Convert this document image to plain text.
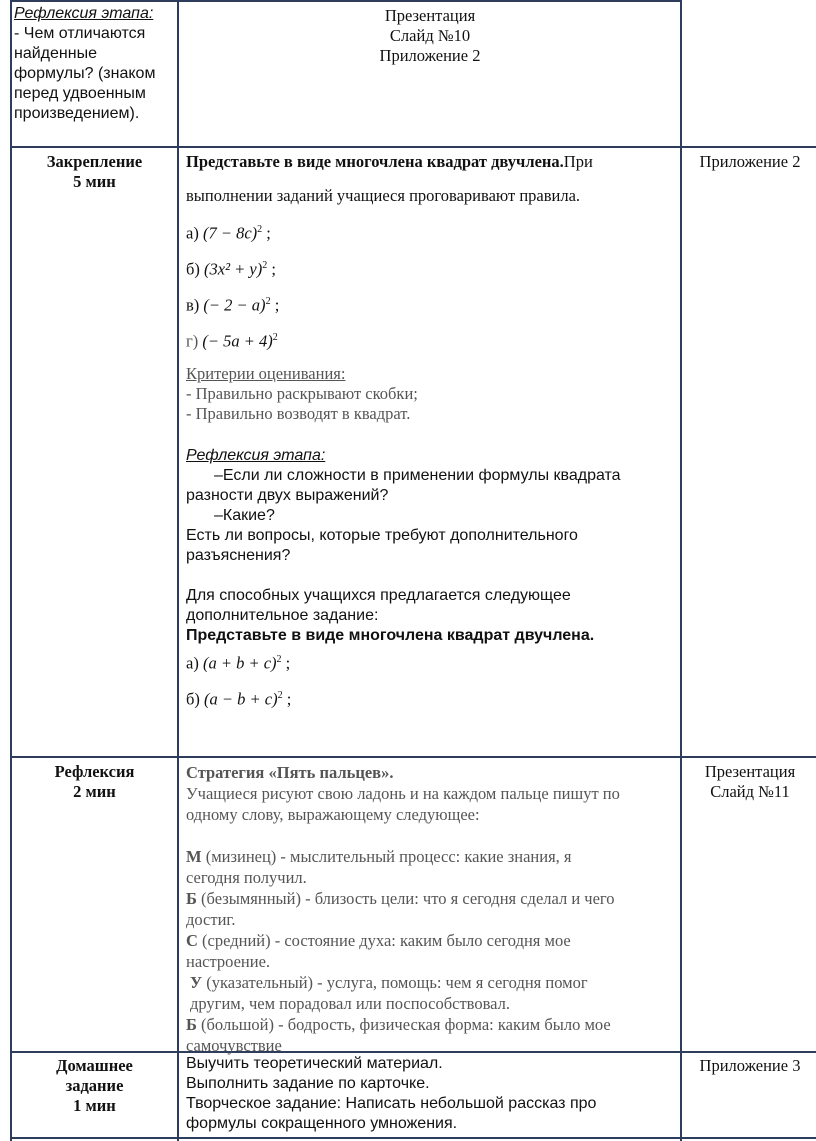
Рефлексия этапа:
- Чем отличаются найденные формулы? (знаком перед удвоенным произведением).
Презентация
Слайд №10
Приложение 2
Закрепление
5 мин
Представьте в виде многочлена квадрат двучлена.При
выполнении заданий учащиеся проговаривают правила.
а) $(7 - 8c)^2$ ;
б) $(3x^2 + y)^2$ ;
в) (− 2 − a)$^2$ ;
г) (− 5a + 4)$^2$
Критерии оценивания:
- Правильно раскрывают скобки;
- Правильно возводят в квадрат.
Рефлексия этапа:
–Если ли сложности в применении формулы квадрата
разности двух выражений?
–Какие?
Есть ли вопросы, которые требуют дополнительного
разъяснения?
Для способных учащихся предлагается следующее
дополнительное задание:
Представьте в виде многочлена квадрат двучлена.
а) $(a + b + c)^2$ ;
б) $(a - b + c)^2$ ;
Приложение 2
Рефлексия
2 мин
Стратегия «Пять пальцев».
Учащиеся рисуют свою ладонь и на каждом пальце пишут по
одному слову, выражающему следующее:
М (мизинец) - мыслительный процесс: какие знания, я
сегодня получил.
Б (безымянный) - близость цели: что я сегодня сделал и чего
достиг.
С (средний) - состояние духа: каким было сегодня мое
настроение.
У (указательный) - услуга, помощь: чем я сегодня помог
другим, чем порадовал или поспособствовал.
Б (большой) - бодрость, физическая форма: каким было мое
самочувствие
Презентация
Слайд №11
Домашнее
задание
1 мин
Выучить теоретический материал.
Выполнить задание по карточке.
Творческое задание: Написать небольшой рассказ про
формулы сокращенного умножения.
Приложение 3
